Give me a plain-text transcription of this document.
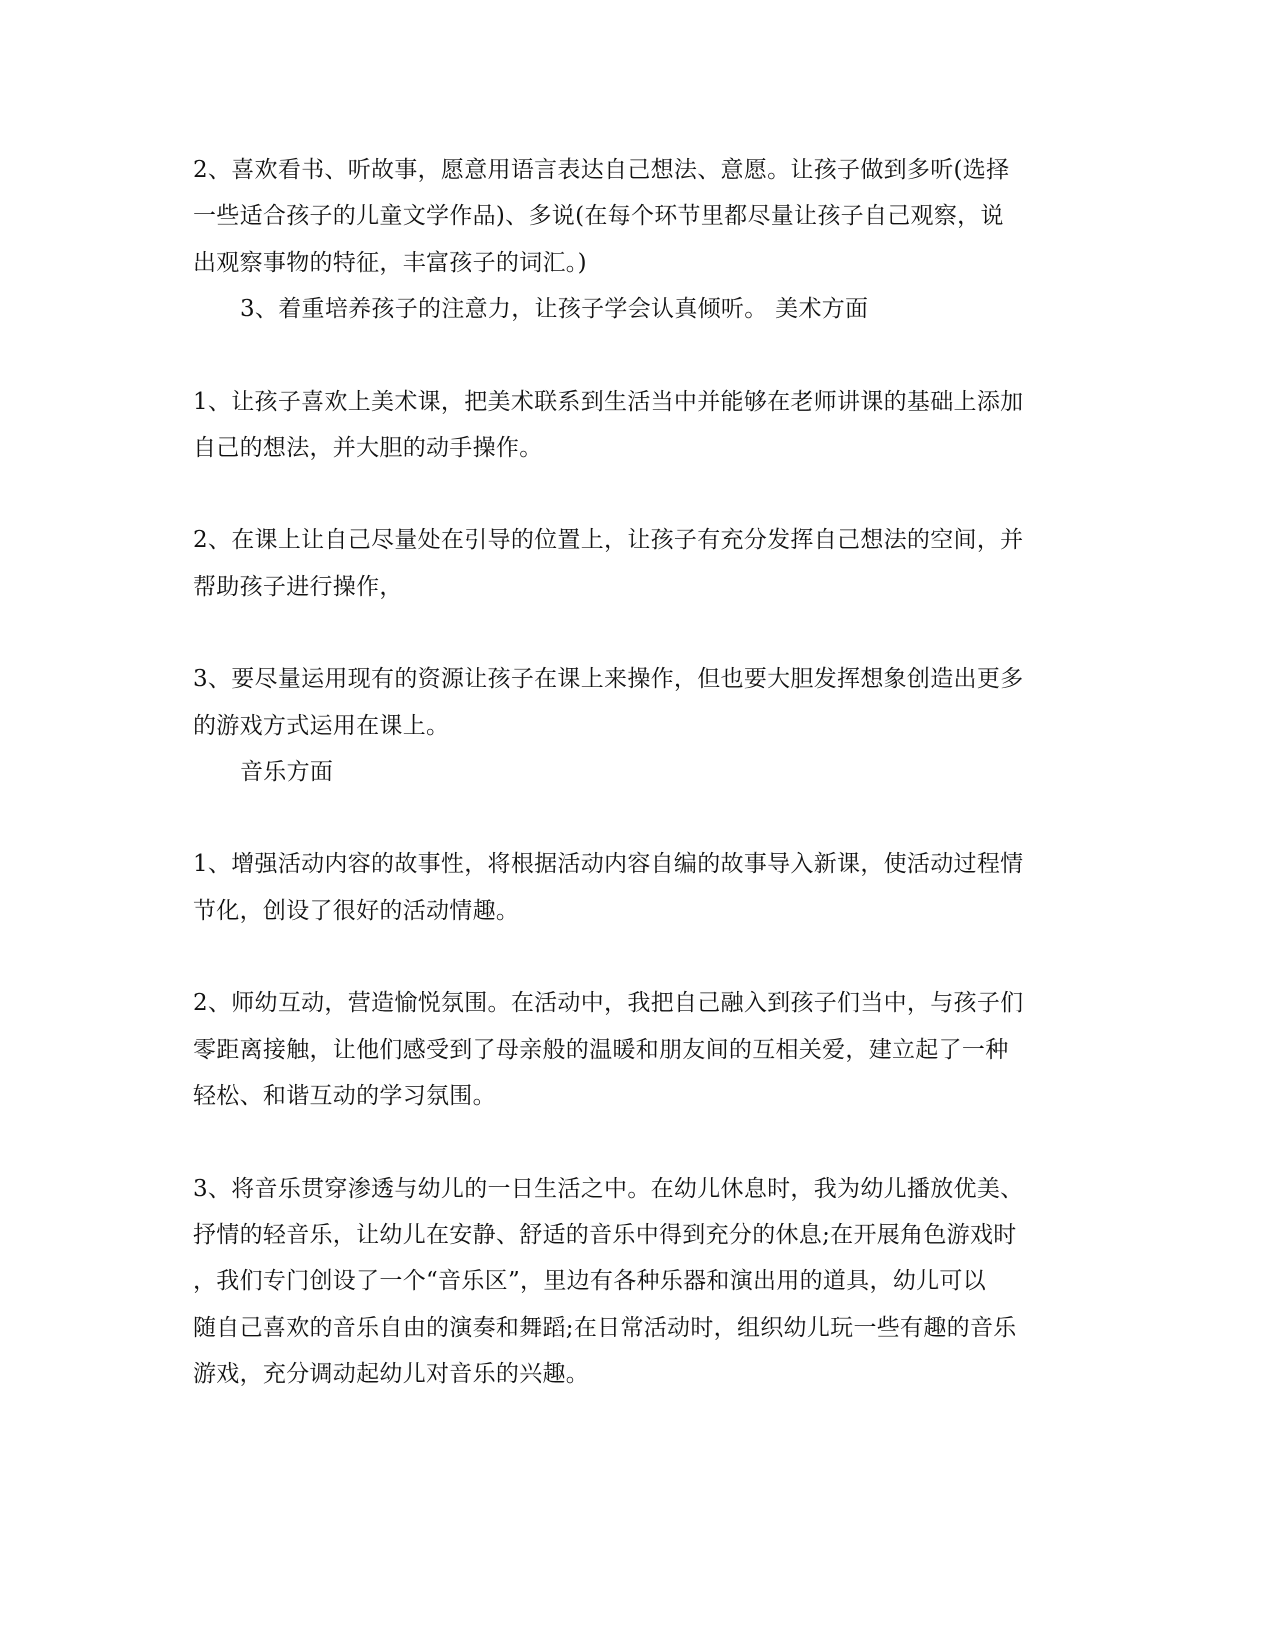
2、喜欢看书、听故事，愿意用语言表达自己想法、意愿。让孩子做到多听(选择
一些适合孩子的儿童文学作品)、多说(在每个环节里都尽量让孩子自己观察，说
出观察事物的特征，丰富孩子的词汇。)
3、着重培养孩子的注意力，让孩子学会认真倾听。 美术方面
1、让孩子喜欢上美术课，把美术联系到生活当中并能够在老师讲课的基础上添加
自己的想法，并大胆的动手操作。
2、在课上让自己尽量处在引导的位置上，让孩子有充分发挥自己想法的空间，并
帮助孩子进行操作，
3、要尽量运用现有的资源让孩子在课上来操作，但也要大胆发挥想象创造出更多
的游戏方式运用在课上。
音乐方面
1、增强活动内容的故事性，将根据活动内容自编的故事导入新课，使活动过程情
节化，创设了很好的活动情趣。
2、师幼互动，营造愉悦氛围。在活动中，我把自己融入到孩子们当中，与孩子们
零距离接触，让他们感受到了母亲般的温暖和朋友间的互相关爱，建立起了一种
轻松、和谐互动的学习氛围。
3、将音乐贯穿渗透与幼儿的一日生活之中。在幼儿休息时，我为幼儿播放优美、
抒情的轻音乐，让幼儿在安静、舒适的音乐中得到充分的休息;在开展角色游戏时
，我们专门创设了一个“音乐区”，里边有各种乐器和演出用的道具，幼儿可以
随自己喜欢的音乐自由的演奏和舞蹈;在日常活动时，组织幼儿玩一些有趣的音乐
游戏，充分调动起幼儿对音乐的兴趣。
